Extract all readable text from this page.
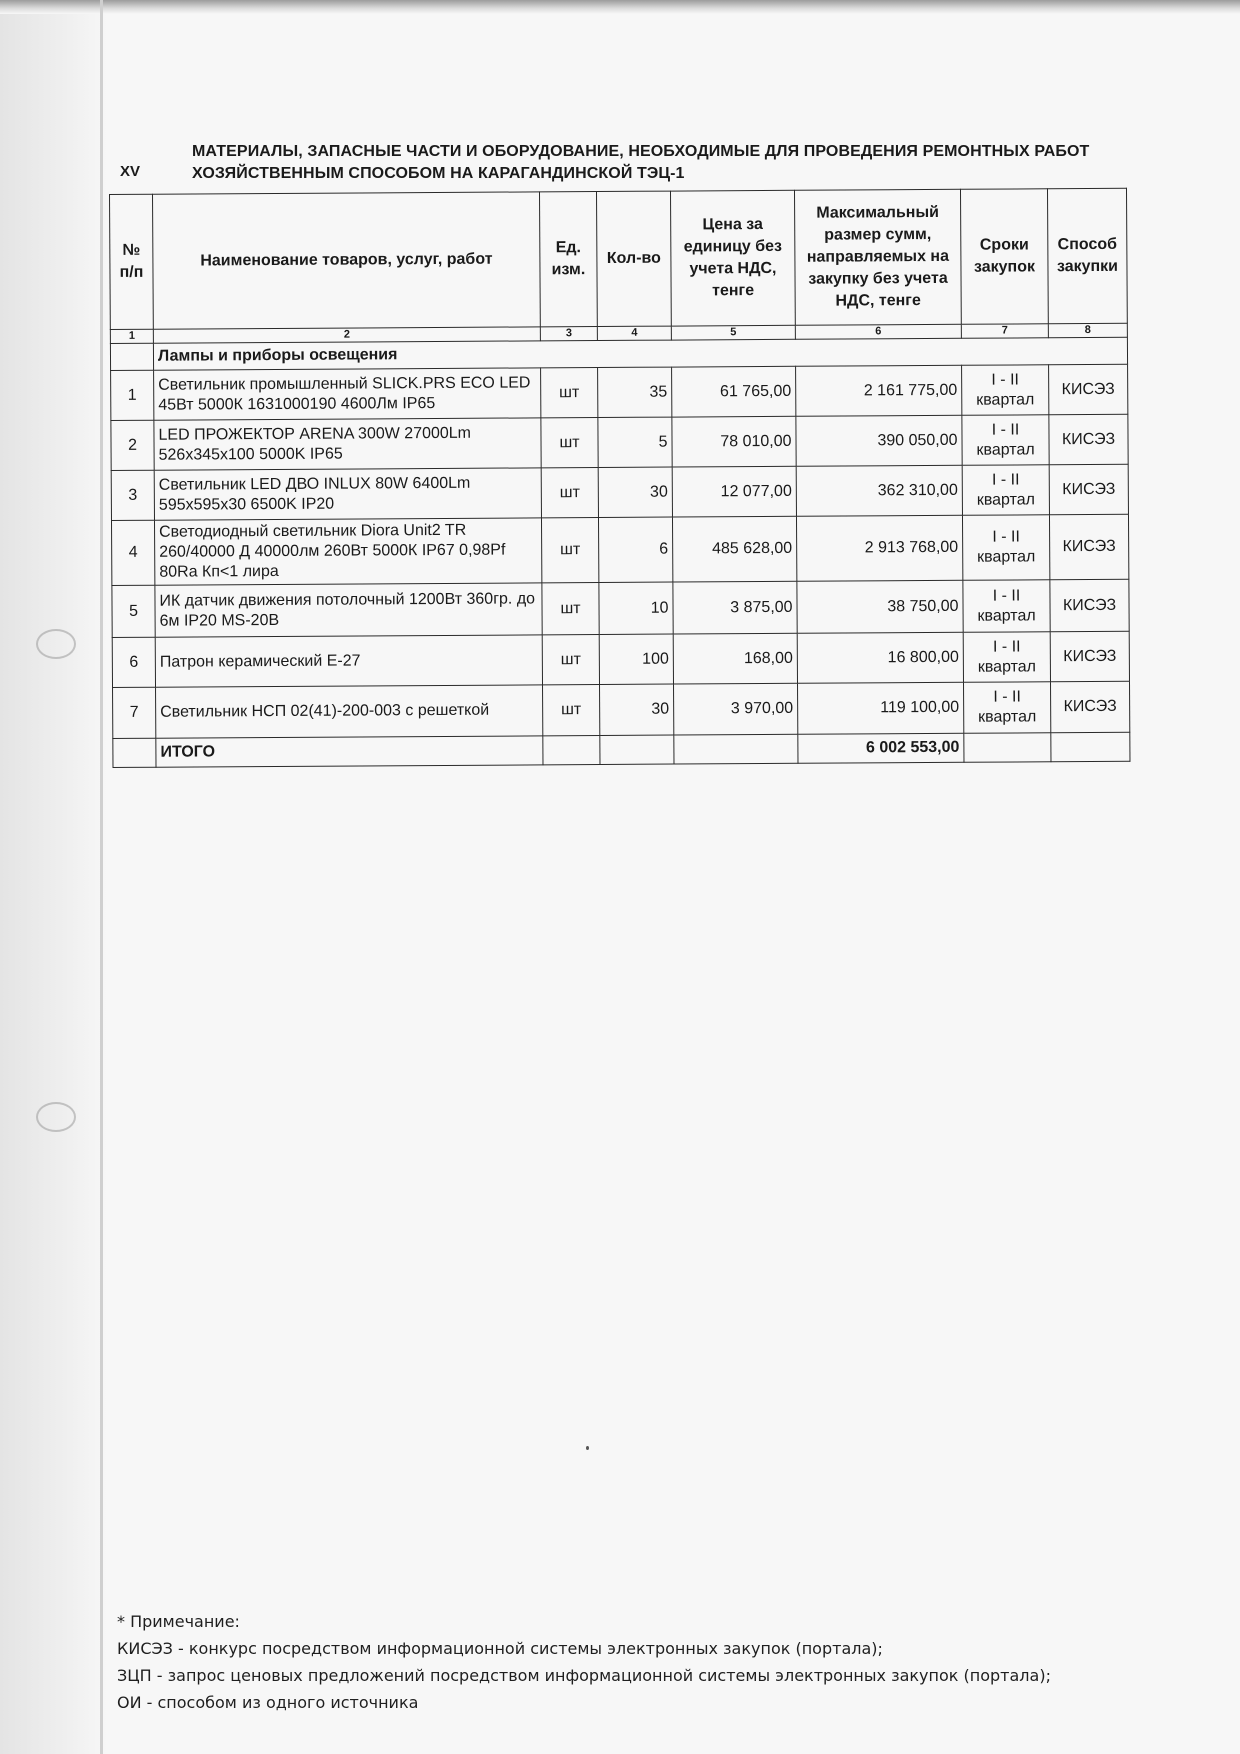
XV
МАТЕРИАЛЫ, ЗАПАСНЫЕ ЧАСТИ И ОБОРУДОВАНИЕ, НЕОБХОДИМЫЕ ДЛЯ ПРОВЕДЕНИЯ РЕМОНТНЫХ РАБОТ ХОЗЯЙСТВЕННЫМ СПОСОБОМ НА КАРАГАНДИНСКОЙ ТЭЦ-1
№ п/п	Наименование товаров, услуг, работ	Ед. изм.	Кол-во	Цена за единицу без учета НДС, тенге	Максимальный размер сумм, направляемых на закупку без учета НДС, тенге	Сроки закупок	Способ закупки
1	2	3	4	5	6	7	8
	Лампы и приборы освещения						
1	Светильник промышленный SLICK.PRS ECO LED 45Вт 5000К 1631000190 4600Лм IP65	шт	35	61 765,00	2 161 775,00	I - II квартал	КИСЭЗ
2	LED ПРОЖЕКТОР ARENA 300W 27000Lm 526x345x100 5000K IP65	шт	5	78 010,00	390 050,00	I - II квартал	КИСЭЗ
3	Светильник LED ДВО INLUX 80W 6400Lm 595x595x30 6500K IP20	шт	30	12 077,00	362 310,00	I - II квартал	КИСЭЗ
4	Светодиодный светильник Diora Unit2 TR 260/40000 Д 40000лм 260Вт 5000К IP67 0,98Pf 80Ra Кп<1 лира	шт	6	485 628,00	2 913 768,00	I - II квартал	КИСЭЗ
5	ИК датчик движения потолочный 1200Вт 360гр. до 6м IP20 MS-20В	шт	10	3 875,00	38 750,00	I - II квартал	КИСЭЗ
6	Патрон керамический Е-27	шт	100	168,00	16 800,00	I - II квартал	КИСЭЗ
7	Светильник НСП 02(41)-200-003 с решеткой	шт	30	3 970,00	119 100,00	I - II квартал	КИСЭЗ
	ИТОГО				6 002 553,00		
* Примечание:
КИСЭЗ - конкурс посредством информационной системы электронных закупок (портала);
ЗЦП - запрос ценовых предложений посредством информационной системы электронных закупок (портала);
ОИ - способом из одного источника
